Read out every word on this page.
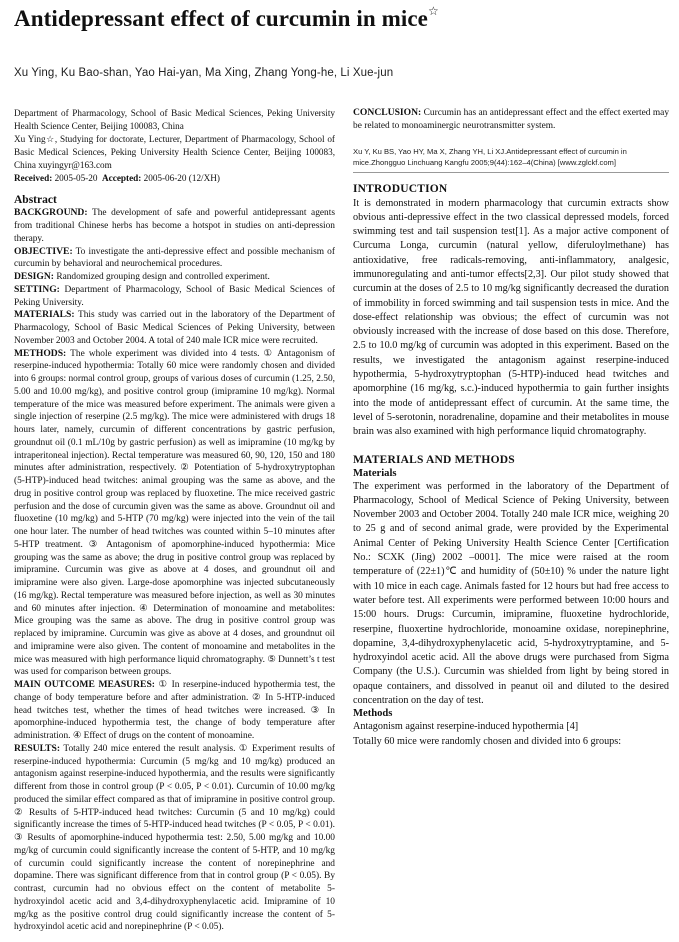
Antidepressant effect of curcumin in mice☆

Xu Ying, Ku Bao-shan, Yao Hai-yan, Ma Xing, Zhang Yong-he, Li Xue-jun

Department of Pharmacology, School of Basic Medical Sciences, Peking University Health Science Center, Beijing 100083, China

Xu Ying☆, Studying for doctorate, Lecturer, Department of Pharmacology, School of Basic Medical Sciences, Peking University Health Science Center, Beijing 100083, China xuyingyr@163.com

Received: 2005-05-20 Accepted: 2005-06-20 (12/XH)

Abstract

BACKGROUND: The development of safe and powerful antidepressant agents from traditional Chinese herbs has become a hotspot in studies on anti-depression therapy.

OBJECTIVE: To investigate the anti-depressive effect and possible mechanism of curcumin by behavioral and neurochemical procedures.

DESIGN: Randomized grouping design and controlled experiment.

SETTING: Department of Pharmacology, School of Basic Medical Sciences of Peking University.

MATERIALS: This study was carried out in the laboratory of the Department of Pharmacology, School of Basic Medical Sciences of Peking University, between November 2003 and October 2004. A total of 240 male ICR mice were recruited.

METHODS: The whole experiment was divided into 4 tests. ① Antagonism of reserpine-induced hypothermia: Totally 60 mice were randomly chosen and divided into 6 groups: normal control group, groups of various doses of curcumin (1.25, 2.50, 5.00 and 10.00 mg/kg), and positive control group (imipramine 10 mg/kg). Normal temperature of the mice was measured before experiment. The animals were given a single injection of reserpine (2.5 mg/kg). The mice were administered with drugs 18 hours later, namely, curcumin of different concentrations by gastric perfusion, groundnut oil (0.1 mL/10g by gastric perfusion) as well as imipramine (10 mg/kg by intraperitoneal injection). Rectal temperature was measured 60, 90, 120, 150 and 180 minutes after administration, respectively. ② Potentiation of 5-hydroxytryptophan (5-HTP)-induced head twitches: animal grouping was the same as above, and the drug in positive control group was replaced by fluoxetine. The mice received gastric perfusion and the dose of curcumin given was the same as above. Groundnut oil and fluoxetine (10 mg/kg) and 5-HTP (70 mg/kg) were injected into the vein of the tail one hour later. The number of head twitches was counted within 5–10 minutes after 5-HTP treatment. ③ Antagonism of apomorphine-induced hypothermia: Mice grouping was the same as above; the drug in positive control group was replaced by imipramine. Curcumin was give as above at 4 doses, and groundnut oil and imipramine were also given. Large-dose apomorphine was injected subcutaneously (16 mg/kg). Rectal temperature was measured before injection, as well as 30 minutes and 60 minutes after injection. ④ Determination of monoamine and metabolites: Mice grouping was the same as above. The drug in positive control group was replaced by imipramine. Curcumin was give as above at 4 doses, and groundnut oil and imipramine were also given. The content of monoamine and metabolites in the mice was measured with high performance liquid chromatography. ⑤ Dunnett’s t test was used for comparison between groups.

MAIN OUTCOME MEASURES: ① In reserpine-induced hypothermia test, the change of body temperature before and after administration. ② In 5-HTP-induced head twitches test, whether the times of head twitches were increased. ③ In apomorphine-induced hypothermia test, the change of body temperature after administration. ④ Effect of drugs on the content of monoamine.

RESULTS: Totally 240 mice entered the result analysis. ① Experiment results of reserpine-induced hypothermia: Curcumin (5 mg/kg and 10 mg/kg) produced an antagonism against reserpine-induced hypothermia, and the results were significantly different from those in control group (P < 0.05, P < 0.01). Curcumin of 10.00 mg/kg produced the similar effect compared as that of imipramine in positive control group. ② Results of 5-HTP-induced head twitches: Curcumin (5 and 10 mg/kg) could significantly increase the times of 5-HTP-induced head twitches (P < 0.05, P < 0.01). ③ Results of apomorphine-induced hypothermia test: 2.50, 5.00 mg/kg and 10.00 mg/kg of curcumin could significantly increase the content of 5-HTP, and 10 mg/kg of curcumin could significantly increase the content of norepinephrine and dopamine. There was significant difference from that in control group (P < 0.05). By contrast, curcumin had no obvious effect on the content of metabolite 5-hydroxyindol acetic acid and 3,4-dihydroxyphenylacetic acid. Imipramine of 10 mg/kg as the positive control drug could significantly increase the content of 5-hydroxyindol acetic acid and norepinephrine (P < 0.05).

CONCLUSION: Curcumin has an antidepressant effect and the effect exerted may be related to monoaminergic neurotransmitter system.

Xu Y, Ku BS, Yao HY, Ma X, Zhang YH, Li XJ.Antidepressant effect of curcumin in mice.Zhongguo Linchuang Kangfu 2005;9(44):162–4(China) [www.zglckf.com]

INTRODUCTION

It is demonstrated in modern pharmacology that curcumin extracts show obvious anti-depressive effect in the two classical depressed models, forced swimming test and tail suspension test[1]. As a major active component of Curcuma Longa, curcumin (natural yellow, diferuloylmethane) has antioxidative, free radicals-removing, anti-inflammatory, analgesic, immunoregulating and anti-tumor effects[2,3]. Our pilot study showed that curcumin at the doses of 2.5 to 10 mg/kg significantly decreased the duration of immobility in forced swimming and tail suspension tests in mice. And the dose-effect relationship was obvious; the effect of curcumin was not obviously increased with the increase of dose based on this dose. Therefore, 2.5 to 10.0 mg/kg of curcumin was adopted in this experiment. Based on the results, we investigated the antagonism against reserpine-induced hypothermia, 5-hydroxytryptophan (5-HTP)-induced head twitches and apomorphine (16 mg/kg, s.c.)-induced hypothermia to gain further insights into the mode of antidepressant effect of curcumin. At the same time, the level of 5-serotonin, noradrenaline, dopamine and their metabolites in mouse brain was also examined with high performance liquid chromatography.

MATERIALS AND METHODS
Materials

The experiment was performed in the laboratory of the Department of Pharmacology, School of Medical Science of Peking University, between November 2003 and October 2004. Totally 240 male ICR mice, weighing 20 to 25 g and of second animal grade, were provided by the Experimental Animal Center of Peking University Health Science Center [Certification No.: SCXK (Jing) 2002 –0001]. The mice were raised at the room temperature of (22±1)℃ and humidity of (50±10) % under the nature light with 10 mice in each cage. Animals fasted for 12 hours but had free access to water before test. All experiments were performed between 10:00 hours and 15:00 hours. Drugs: Curcumin, imipramine, fluoxetine hydrochloride, reserpine, fluoxertine hydrochloride, monoamine oxidase, norepinephrine, dopamine, 3,4-dihydroxyphenylacetic acid, 5-hydroxytryptamine, and 5-hydroxyindol acetic acid. All the above drugs were purchased from Sigma Company (the U.S.). Curcumin was shielded from light by being stored in opaque containers, and dissolved in peanut oil and diluted to the desired concentration on the day of test.

Methods

Antagonism against reserpine-induced hypothermia [4]

Totally 60 mice were randomly chosen and divided into 6 groups:
